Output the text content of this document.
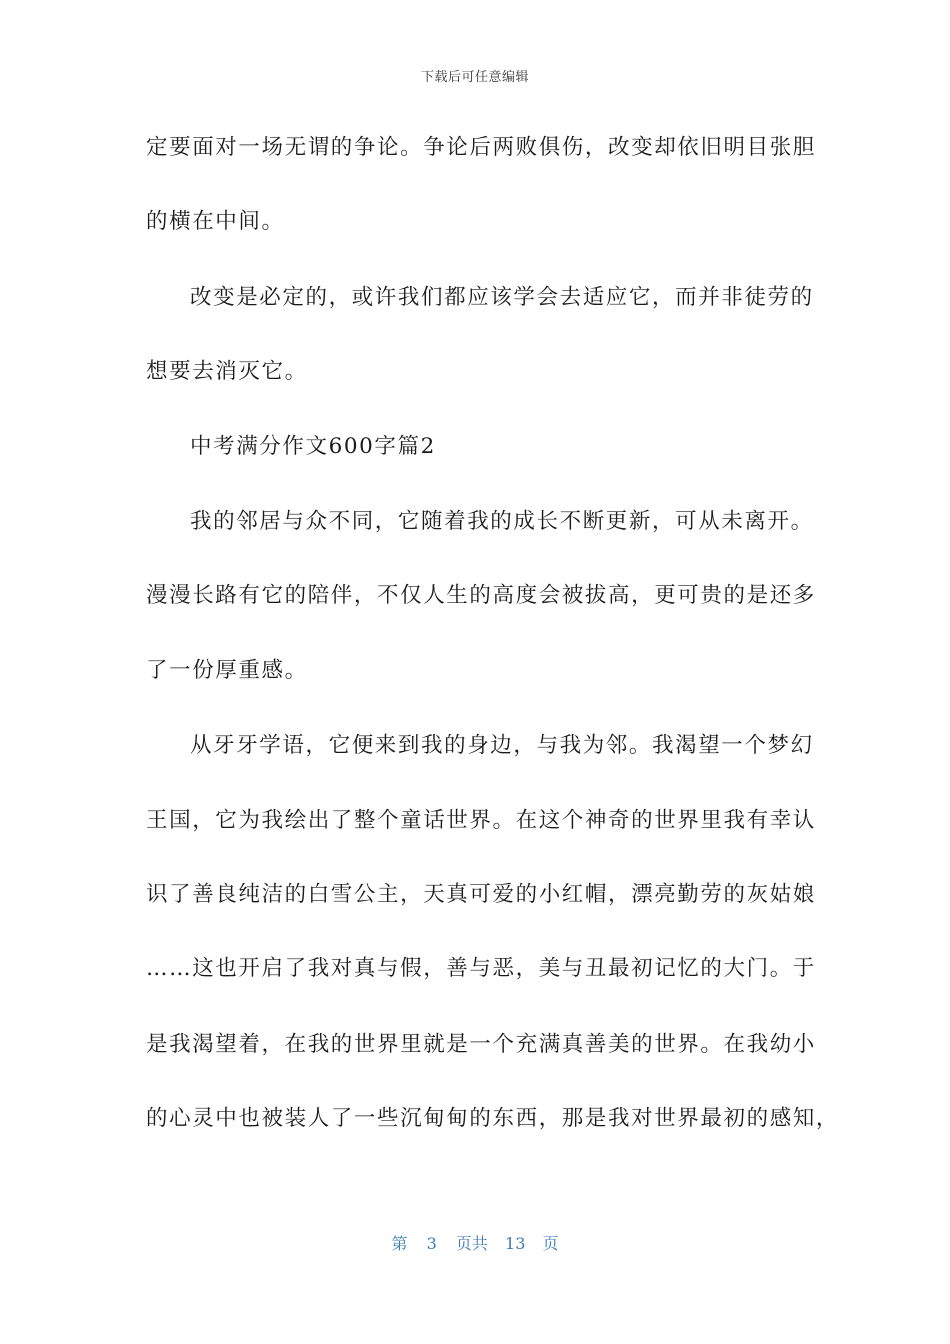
下载后可任意编辑
定要面对一场无谓的争论。争论后两败俱伤，改变却依旧明目张胆
的横在中间。
改变是必定的，或许我们都应该学会去适应它，而并非徒劳的
想要去消灭它。
中考满分作文600字篇2
我的邻居与众不同，它随着我的成长不断更新，可从未离开。
漫漫长路有它的陪伴，不仅人生的高度会被拔高，更可贵的是还多
了一份厚重感。
从牙牙学语，它便来到我的身边，与我为邻。我渴望一个梦幻
王国，它为我绘出了整个童话世界。在这个神奇的世界里我有幸认
识了善良纯洁的白雪公主，天真可爱的小红帽，漂亮勤劳的灰姑娘
……这也开启了我对真与假，善与恶，美与丑最初记忆的大门。于
是我渴望着，在我的世界里就是一个充满真善美的世界。在我幼小
的心灵中也被装人了一些沉甸甸的东西，那是我对世界最初的感知，
第 3 页共 13 页
